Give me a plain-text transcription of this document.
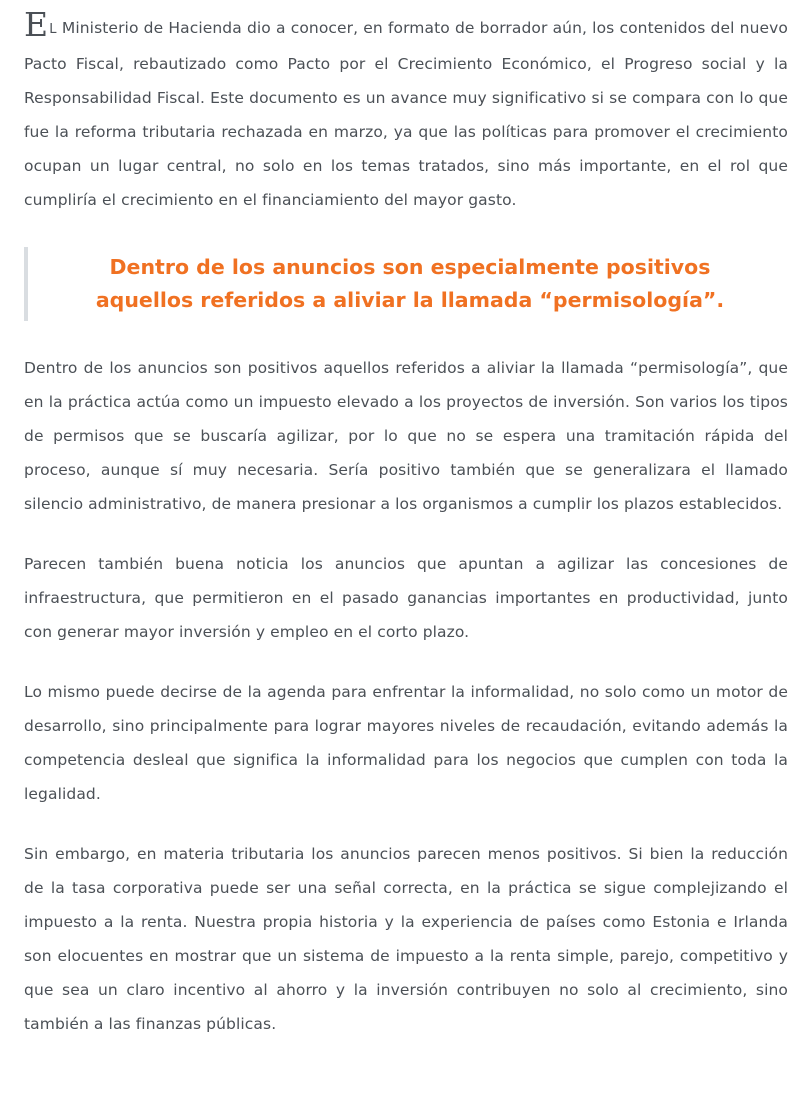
EL Ministerio de Hacienda dio a conocer, en formato de borrador aún, los contenidos del nuevo Pacto Fiscal, rebautizado como Pacto por el Crecimiento Económico, el Progreso social y la Responsabilidad Fiscal. Este documento es un avance muy significativo si se compara con lo que fue la reforma tributaria rechazada en marzo, ya que las políticas para promover el crecimiento ocupan un lugar central, no solo en los temas tratados, sino más importante, en el rol que cumpliría el crecimiento en el financiamiento del mayor gasto.

Dentro de los anuncios son especialmente positivos aquellos referidos a aliviar la llamada “permisología”.

Dentro de los anuncios son positivos aquellos referidos a aliviar la llamada “permisología”, que en la práctica actúa como un impuesto elevado a los proyectos de inversión. Son varios los tipos de permisos que se buscaría agilizar, por lo que no se espera una tramitación rápida del proceso, aunque sí muy necesaria. Sería positivo también que se generalizara el llamado silencio administrativo, de manera presionar a los organismos a cumplir los plazos establecidos.

Parecen también buena noticia los anuncios que apuntan a agilizar las concesiones de infraestructura, que permitieron en el pasado ganancias importantes en productividad, junto con generar mayor inversión y empleo en el corto plazo.

Lo mismo puede decirse de la agenda para enfrentar la informalidad, no solo como un motor de desarrollo, sino principalmente para lograr mayores niveles de recaudación, evitando además la competencia desleal que significa la informalidad para los negocios que cumplen con toda la legalidad.

Sin embargo, en materia tributaria los anuncios parecen menos positivos. Si bien la reducción de la tasa corporativa puede ser una señal correcta, en la práctica se sigue complejizando el impuesto a la renta. Nuestra propia historia y la experiencia de países como Estonia e Irlanda son elocuentes en mostrar que un sistema de impuesto a la renta simple, parejo, competitivo y que sea un claro incentivo al ahorro y la inversión contribuyen no solo al crecimiento, sino también a las finanzas públicas.
